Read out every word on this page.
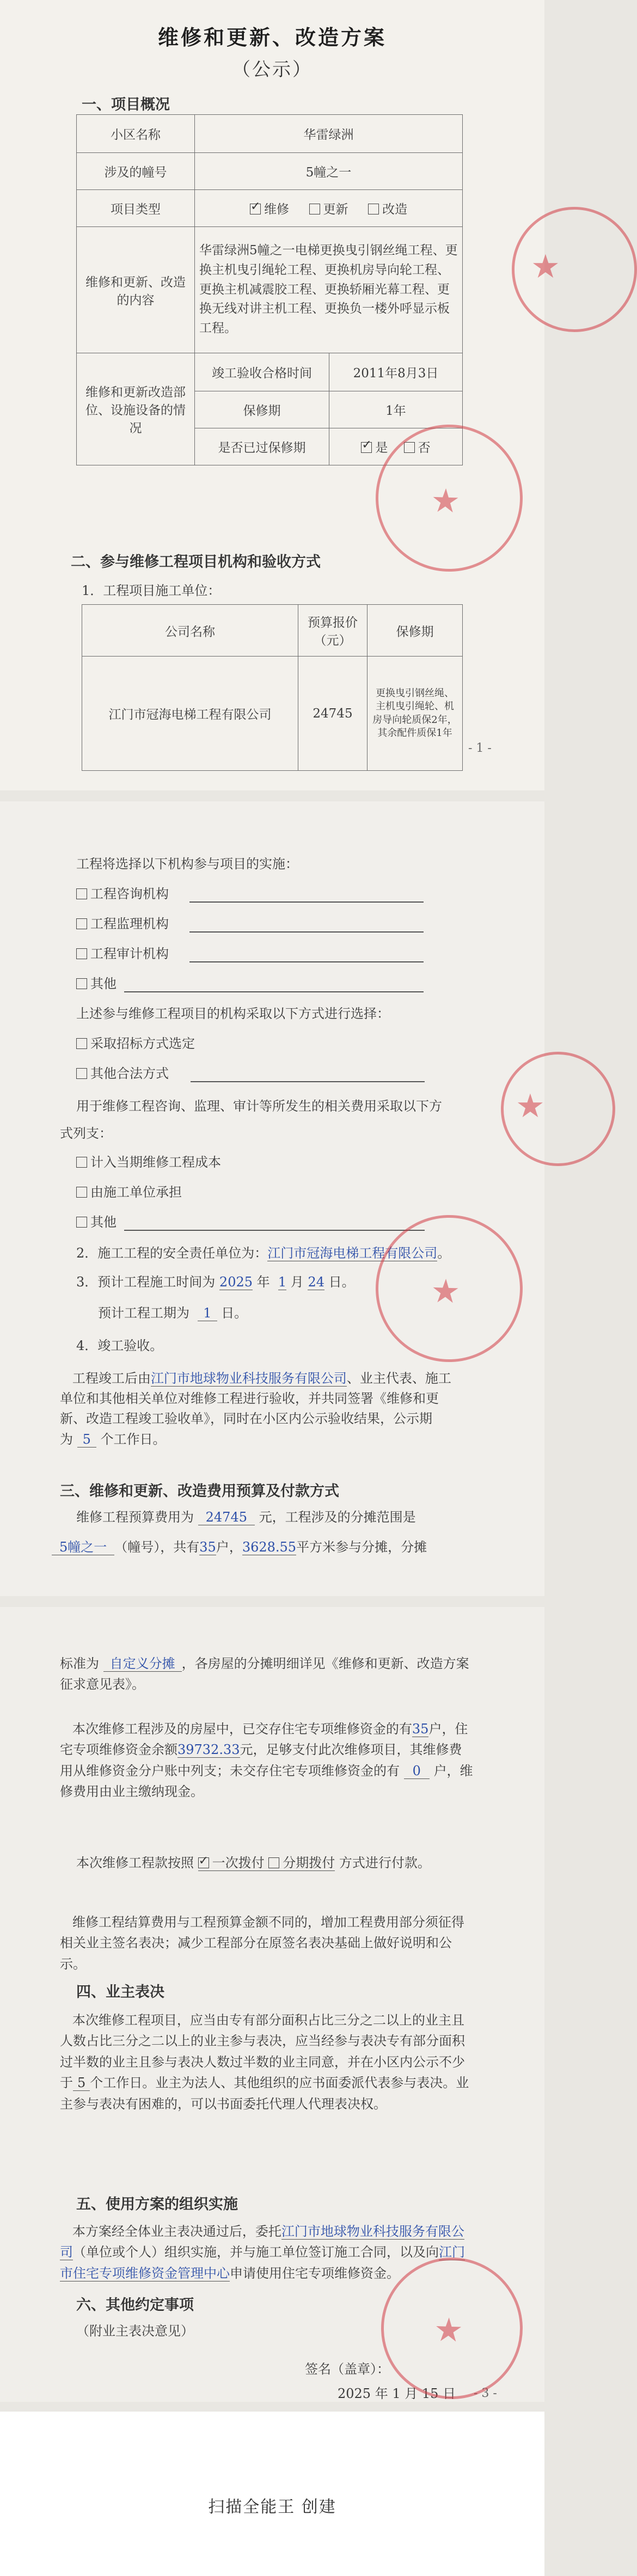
维修和更新、改造方案
（公示）
一、项目概况
小区名称	华雷绿洲	
涉及的幢号	5幢之一	
项目类型	✓维修 更新 改造
维修和更新、改造的内容	华雷绿洲5幢之一电梯更换曳引钢丝绳工程、更换主机曳引绳轮工程、更换机房导向轮工程、更换主机减震胶工程、更换轿厢光幕工程、更换无线对讲主机工程、更换负一楼外呼显示板工程。	
维修和更新改造部位、设施设备的情况	竣工验收合格时间	2011年8月3日
	保修期	1年
	是否已过保修期	✓是 否
二、参与维修工程项目机构和验收方式
1．工程项目施工单位：
公司名称	预算报价（元）	保修期
江门市冠海电梯工程有限公司	24745	更换曳引钢丝绳、主机曳引绳轮、机房导向轮质保2年，其余配件质保1年
- 1 -
★
★
工程将选择以下机构参与项目的实施：
工程咨询机构
工程监理机构
工程审计机构
其他
上述参与维修工程项目的机构采取以下方式进行选择：
采取招标方式选定
其他合法方式
用于维修工程咨询、监理、审计等所发生的相关费用采取以下方
式列支：
计入当期维修工程成本
由施工单位承担
其他
2．施工工程的安全责任单位为：江门市冠海电梯工程有限公司。
3．预计工程施工时间为 2025 年  1 月 24 日。
预计工程工期为 1 日。
4．竣工验收。
工程竣工后由江门市地球物业科技服务有限公司、业主代表、施工单位和其他相关单位对维修工程进行验收，并共同签署《维修和更新、改造工程竣工验收单》，同时在小区内公示验收结果，公示期为 5 个工作日。
三、维修和更新、改造费用预算及付款方式
维修工程预算费用为 24745 元，工程涉及的分摊范围是
5幢之一 （幢号），共有35户，3628.55平方米参与分摊，分摊
★
★
标准为 自定义分摊 ，各房屋的分摊明细详见《维修和更新、改造方案征求意见表》。
本次维修工程涉及的房屋中，已交存住宅专项维修资金的有35户，住宅专项维修资金余额39732.33元，足够支付此次维修项目，其维修费用从维修资金分户账中列支；未交存住宅专项维修资金的有 0 户，维修费用由业主缴纳现金。
本次维修工程款按照 ✓ 一次拨付 分期拨付 方式进行付款。
维修工程结算费用与工程预算金额不同的，增加工程费用部分须征得相关业主签名表决；减少工程部分在原签名表决基础上做好说明和公示。
四、业主表决
本次维修工程项目，应当由专有部分面积占比三分之二以上的业主且人数占比三分之二以上的业主参与表决，应当经参与表决专有部分面积过半数的业主且参与表决人数过半数的业主同意，并在小区内公示不少于 5 个工作日。业主为法人、其他组织的应书面委派代表参与表决。业主参与表决有困难的，可以书面委托代理人代理表决权。
五、使用方案的组织实施
本方案经全体业主表决通过后，委托江门市地球物业科技服务有限公司（单位或个人）组织实施，并与施工单位签订施工合同，以及向江门市住宅专项维修资金管理中心申请使用住宅专项维修资金。
六、其他约定事项
（附业主表决意见）
签名（盖章）：
2025 年 1 月 15 日 - 3 -
★
扫描全能王 创建
